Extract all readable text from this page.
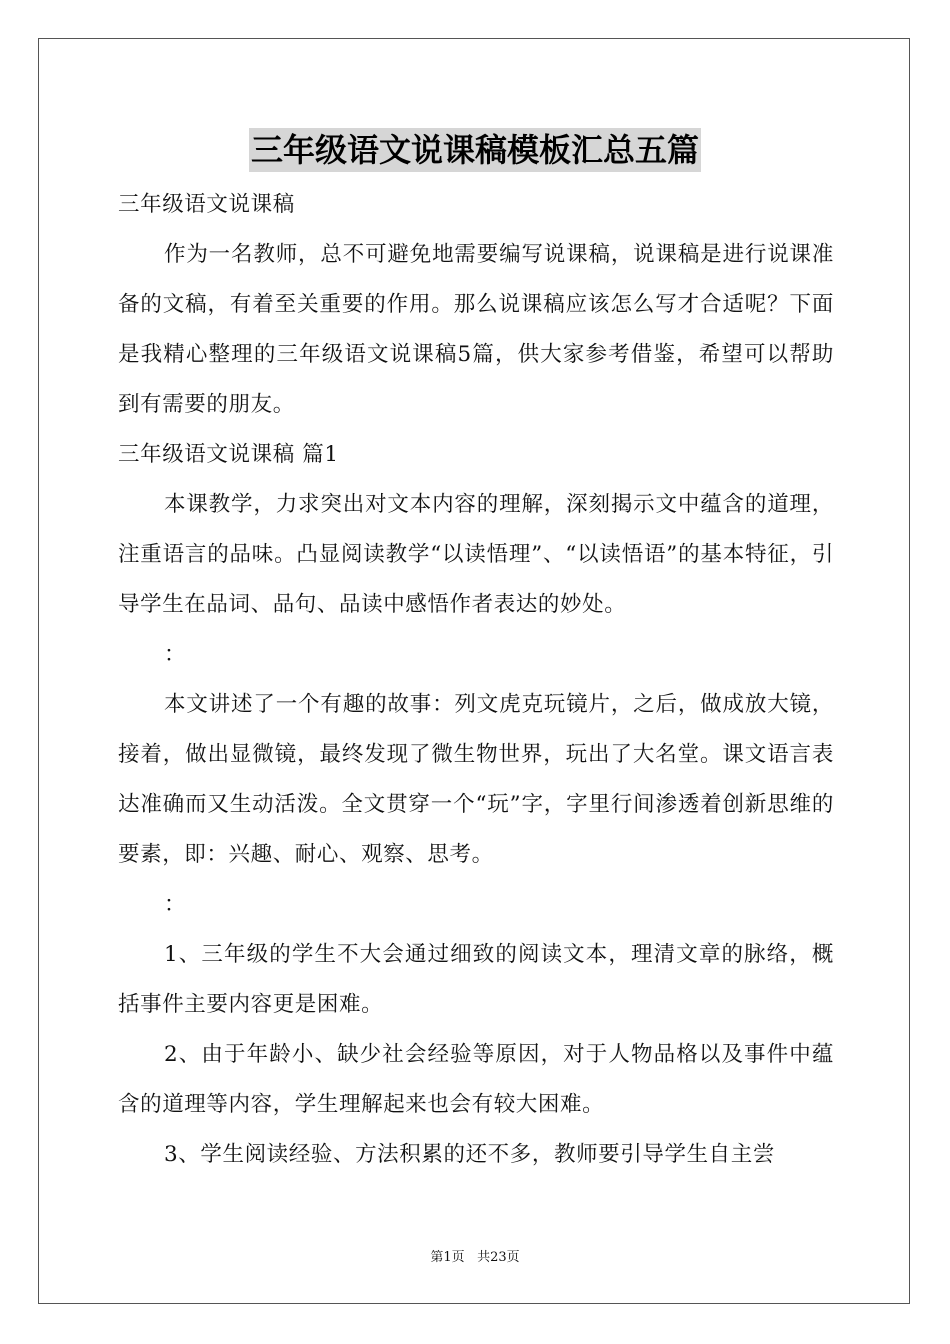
三年级语文说课稿模板汇总五篇

三年级语文说课稿

作为一名教师，总不可避免地需要编写说课稿，说课稿是进行说课准备的文稿，有着至关重要的作用。那么说课稿应该怎么写才合适呢？下面是我精心整理的三年级语文说课稿5篇，供大家参考借鉴，希望可以帮助到有需要的朋友。

三年级语文说课稿 篇1

本课教学，力求突出对文本内容的理解，深刻揭示文中蕴含的道理，注重语言的品味。凸显阅读教学“以读悟理”、“以读悟语”的基本特征，引导学生在品词、品句、品读中感悟作者表达的妙处。

：

本文讲述了一个有趣的故事：列文虎克玩镜片，之后，做成放大镜，接着，做出显微镜，最终发现了微生物世界，玩出了大名堂。课文语言表达准确而又生动活泼。全文贯穿一个“玩”字，字里行间渗透着创新思维的要素，即：兴趣、耐心、观察、思考。

：

1、三年级的学生不大会通过细致的阅读文本，理清文章的脉络，概括事件主要内容更是困难。

2、由于年龄小、缺少社会经验等原因，对于人物品格以及事件中蕴含的道理等内容，学生理解起来也会有较大困难。

3、学生阅读经验、方法积累的还不多，教师要引导学生自主尝

第1页 共23页
